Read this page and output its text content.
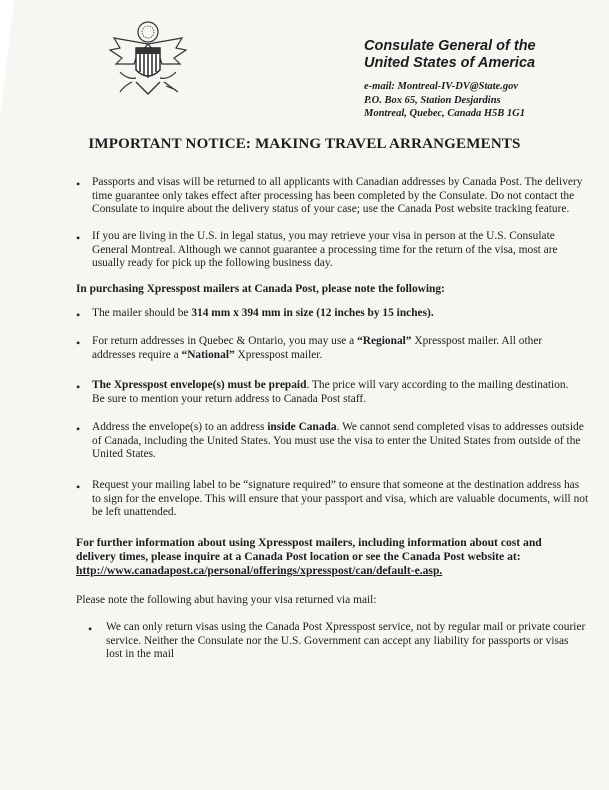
Consulate General of the
United States of America
e-mail: Montreal-IV-DV@State.gov
P.O. Box 65, Station Desjardins
Montreal, Quebec, Canada H5B 1G1
IMPORTANT NOTICE: MAKING TRAVEL ARRANGEMENTS
• Passports and visas will be returned to all applicants with Canadian addresses by Canada Post. The delivery time guarantee only takes effect after processing has been completed by the Consulate. Do not contact the Consulate to inquire about the delivery status of your case; use the Canada Post website tracking feature.

• If you are living in the U.S. in legal status, you may retrieve your visa in person at the U.S. Consulate General Montreal. Although we cannot guarantee a processing time for the return of the visa, most are usually ready for pick up the following business day.

In purchasing Xpresspost mailers at Canada Post, please note the following:

• The mailer should be 314 mm x 394 mm in size (12 inches by 15 inches).

• For return addresses in Quebec & Ontario, you may use a “Regional” Xpresspost mailer. All other addresses require a “National” Xpresspost mailer.

• The Xpresspost envelope(s) must be prepaid. The price will vary according to the mailing destination. Be sure to mention your return address to Canada Post staff.

• Address the envelope(s) to an address inside Canada. We cannot send completed visas to addresses outside of Canada, including the United States. You must use the visa to enter the United States from outside of the United States.

• Request your mailing label to be “signature required” to ensure that someone at the destination address has to sign for the envelope. This will ensure that your passport and visa, which are valuable documents, will not be left unattended.

For further information about using Xpresspost mailers, including information about cost and delivery times, please inquire at a Canada Post location or see the Canada Post website at:
http://www.canadapost.ca/personal/offerings/xpresspost/can/default-e.asp.

Please note the following abut having your visa returned via mail:

• We can only return visas using the Canada Post Xpresspost service, not by regular mail or private courier service. Neither the Consulate nor the U.S. Government can accept any liability for passports or visas lost in the mail
